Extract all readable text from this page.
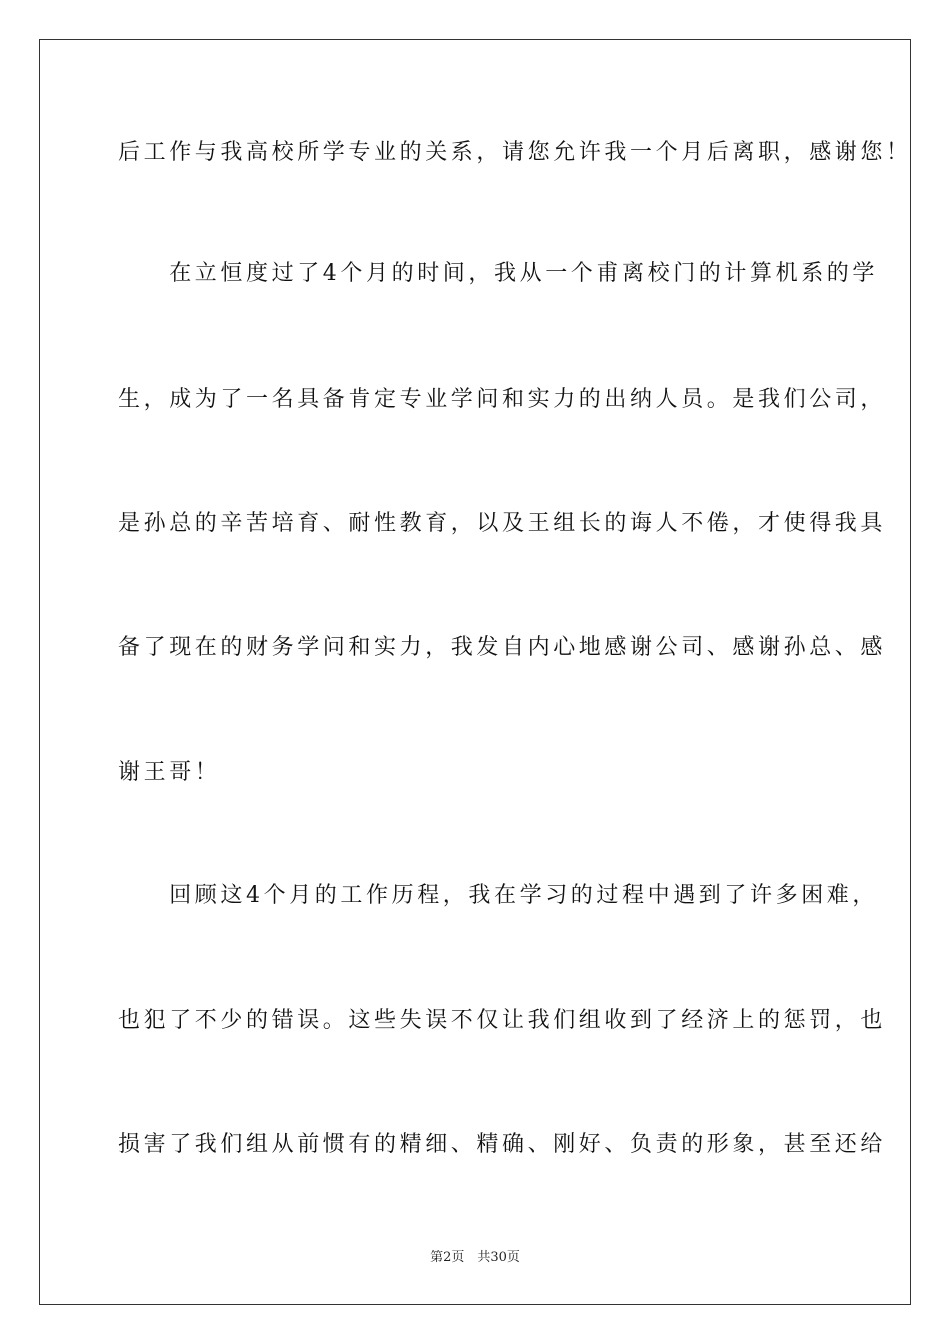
后工作与我高校所学专业的关系，请您允许我一个月后离职，感谢您！
　　在立恒度过了4个月的时间，我从一个甫离校门的计算机系的学
生，成为了一名具备肯定专业学问和实力的出纳人员。是我们公司，
是孙总的辛苦培育、耐性教育，以及王组长的诲人不倦，才使得我具
备了现在的财务学问和实力，我发自内心地感谢公司、感谢孙总、感
谢王哥！
　　回顾这4个月的工作历程，我在学习的过程中遇到了许多困难，
也犯了不少的错误。这些失误不仅让我们组收到了经济上的惩罚，也
损害了我们组从前惯有的精细、精确、刚好、负责的形象，甚至还给
第2页　共30页
